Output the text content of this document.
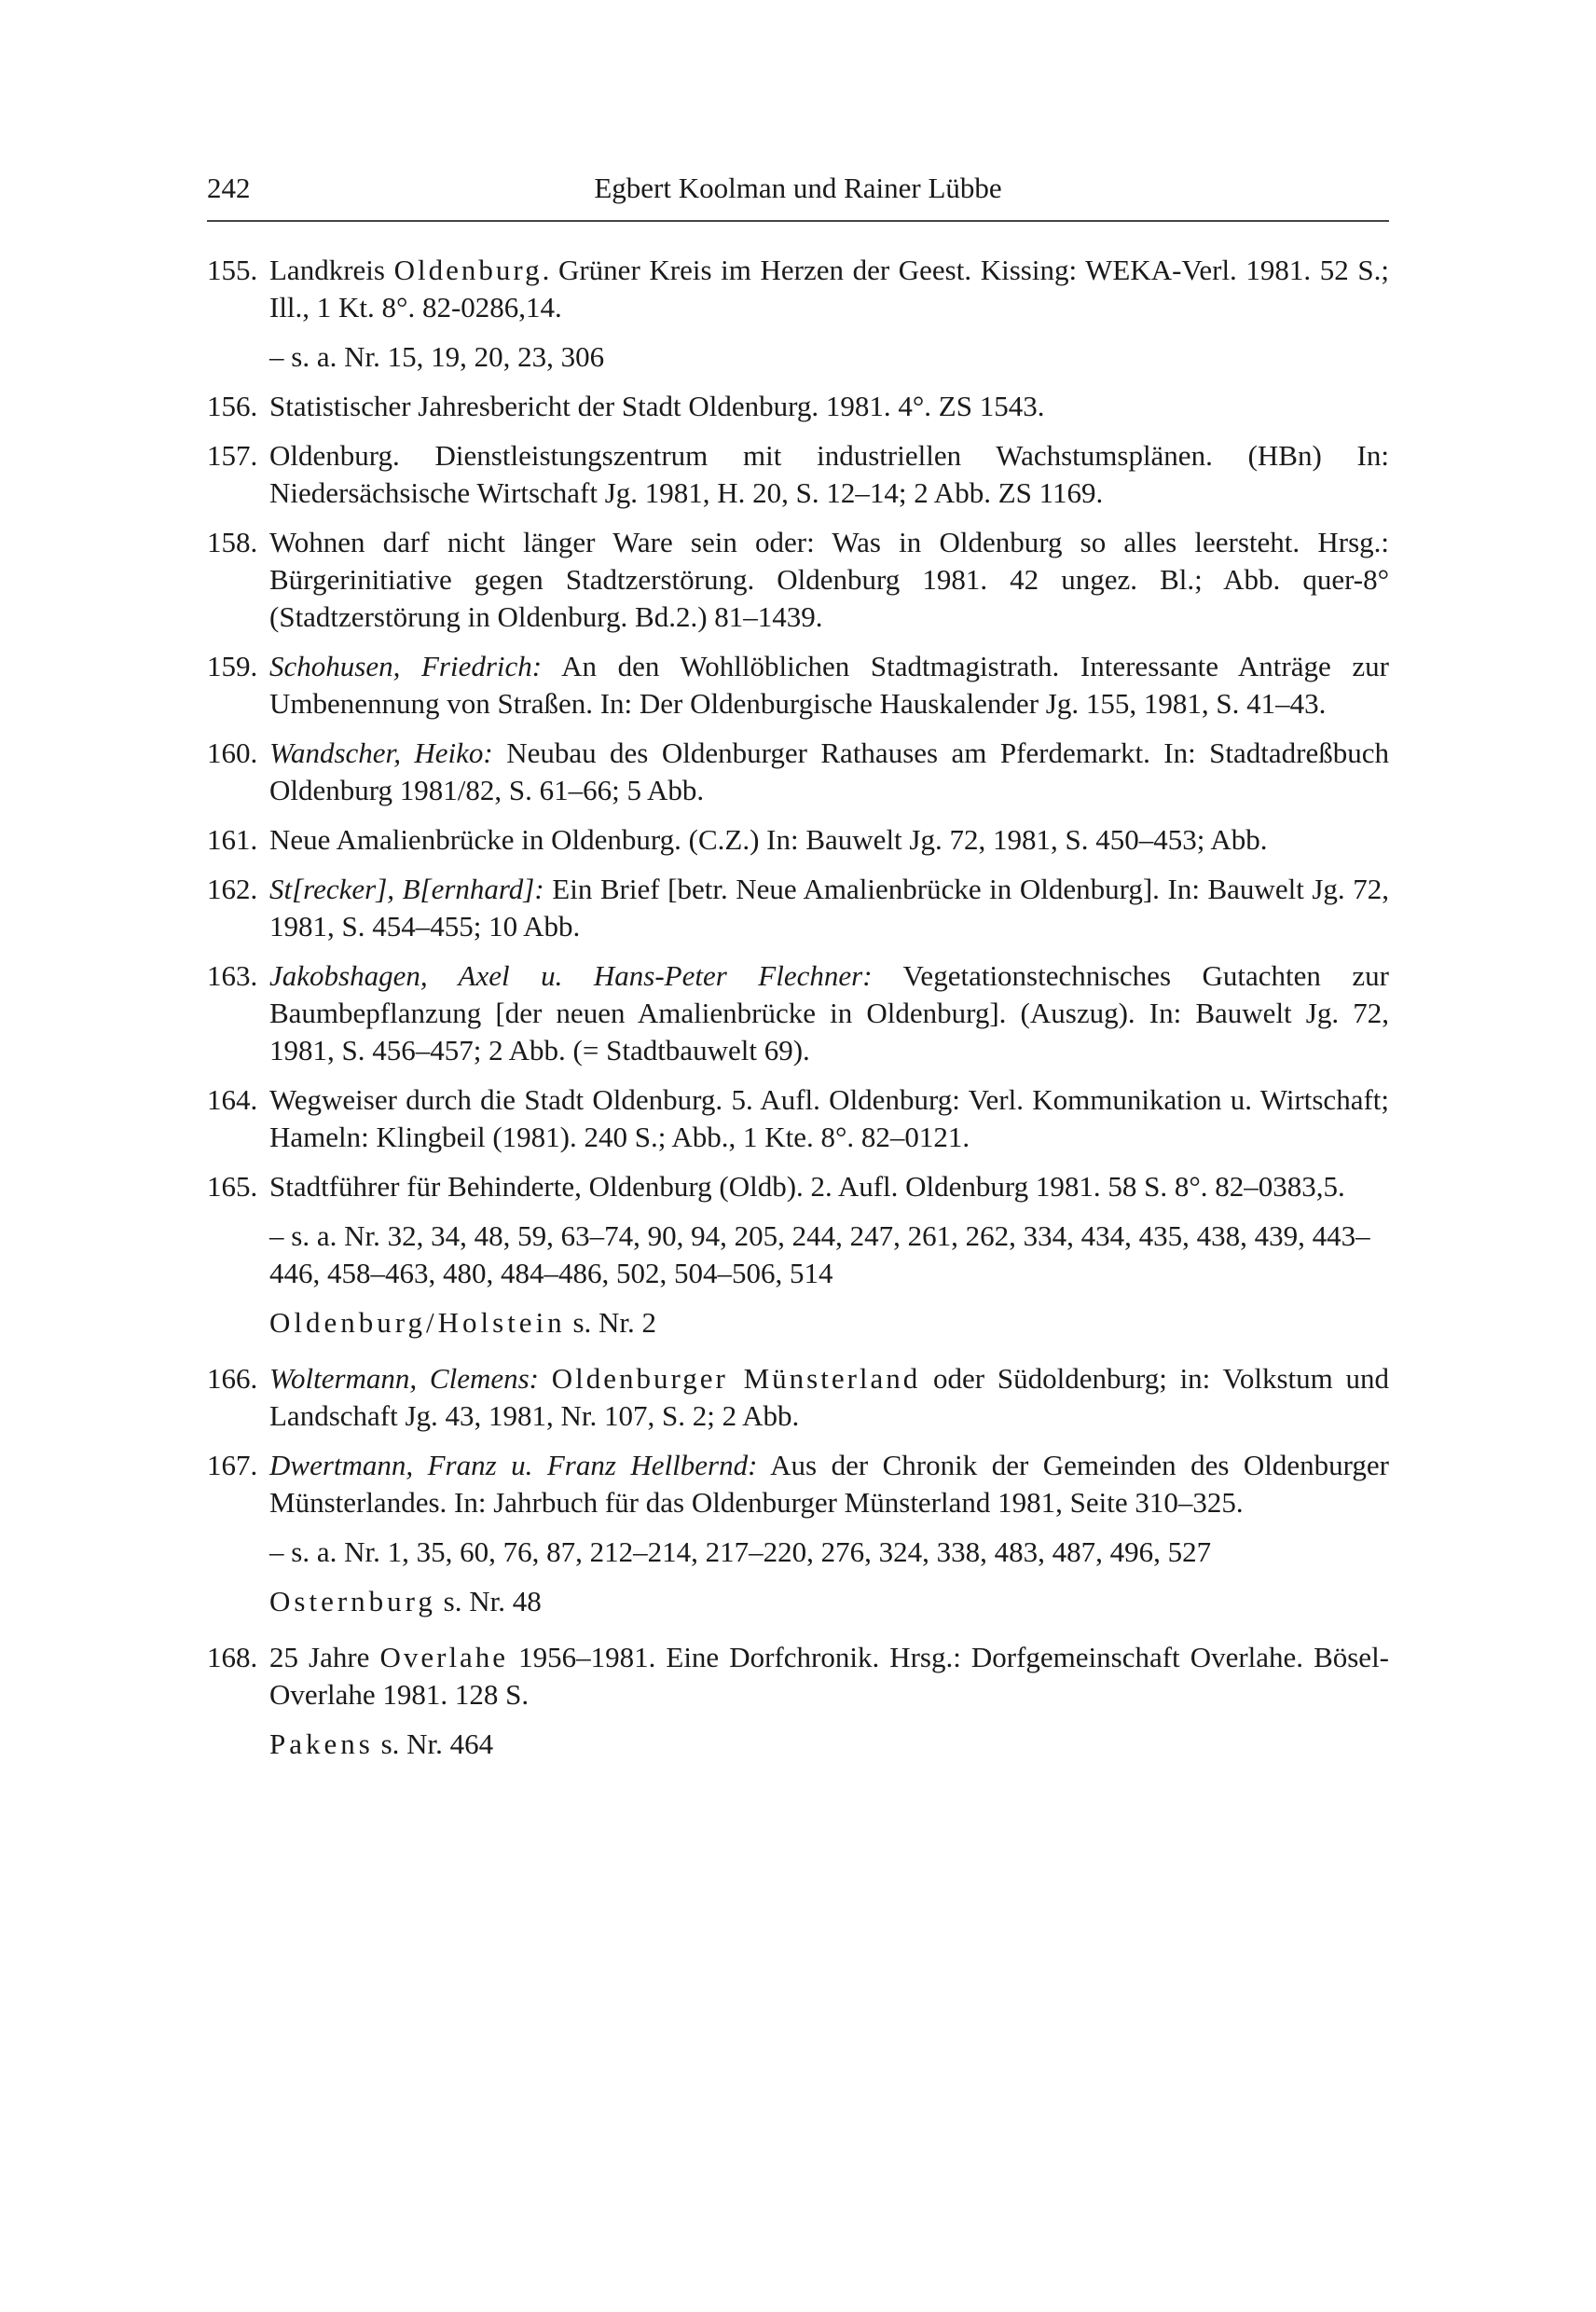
242	Egbert Koolman und Rainer Lübbe
155. Landkreis Oldenburg. Grüner Kreis im Herzen der Geest. Kissing: WEKA-Verl. 1981. 52 S.; Ill., 1 Kt. 8°. 82-0286,14.
– s. a. Nr. 15, 19, 20, 23, 306
156. Statistischer Jahresbericht der Stadt Oldenburg. 1981. 4°. ZS 1543.
157. Oldenburg. Dienstleistungszentrum mit industriellen Wachstumsplänen. (HBn) In: Niedersächsische Wirtschaft Jg. 1981, H. 20, S. 12–14; 2 Abb. ZS 1169.
158. Wohnen darf nicht länger Ware sein oder: Was in Oldenburg so alles leersteht. Hrsg.: Bürgerinitiative gegen Stadtzerstörung. Oldenburg 1981. 42 ungez. Bl.; Abb. quer-8° (Stadtzerstörung in Oldenburg. Bd.2.) 81–1439.
159. Schohusen, Friedrich: An den Wohllöblichen Stadtmagistrath. Interessante Anträge zur Umbenennung von Straßen. In: Der Oldenburgische Hauskalender Jg. 155, 1981, S. 41–43.
160. Wandscher, Heiko: Neubau des Oldenburger Rathauses am Pferdemarkt. In: Stadtadreßbuch Oldenburg 1981/82, S. 61–66; 5 Abb.
161. Neue Amalienbrücke in Oldenburg. (C.Z.) In: Bauwelt Jg. 72, 1981, S. 450–453; Abb.
162. St[recker], B[ernhard]: Ein Brief [betr. Neue Amalienbrücke in Oldenburg]. In: Bauwelt Jg. 72, 1981, S. 454–455; 10 Abb.
163. Jakobshagen, Axel u. Hans-Peter Flechner: Vegetationstechnisches Gutachten zur Baumbepflanzung [der neuen Amalienbrücke in Oldenburg]. (Auszug). In: Bauwelt Jg. 72, 1981, S. 456–457; 2 Abb. (= Stadtbauwelt 69).
164. Wegweiser durch die Stadt Oldenburg. 5. Aufl. Oldenburg: Verl. Kommunikation u. Wirtschaft; Hameln: Klingbeil (1981). 240 S.; Abb., 1 Kte. 8°. 82–0121.
165. Stadtführer für Behinderte, Oldenburg (Oldb). 2. Aufl. Oldenburg 1981. 58 S. 8°. 82–0383,5.
– s. a. Nr. 32, 34, 48, 59, 63–74, 90, 94, 205, 244, 247, 261, 262, 334, 434, 435, 438, 439, 443–446, 458–463, 480, 484–486, 502, 504–506, 514
Oldenburg/Holstein s. Nr. 2
166. Woltermann, Clemens: Oldenburger Münsterland oder Südoldenburg; in: Volkstum und Landschaft Jg. 43, 1981, Nr. 107, S. 2; 2 Abb.
167. Dwertmann, Franz u. Franz Hellbernd: Aus der Chronik der Gemeinden des Oldenburger Münsterlandes. In: Jahrbuch für das Oldenburger Münsterland 1981, Seite 310–325.
– s. a. Nr. 1, 35, 60, 76, 87, 212–214, 217–220, 276, 324, 338, 483, 487, 496, 527
Osternburg s. Nr. 48
168. 25 Jahre Overlahe 1956–1981. Eine Dorfchronik. Hrsg.: Dorfgemeinschaft Overlahe. Bösel-Overlahe 1981. 128 S.
Pakens s. Nr. 464
